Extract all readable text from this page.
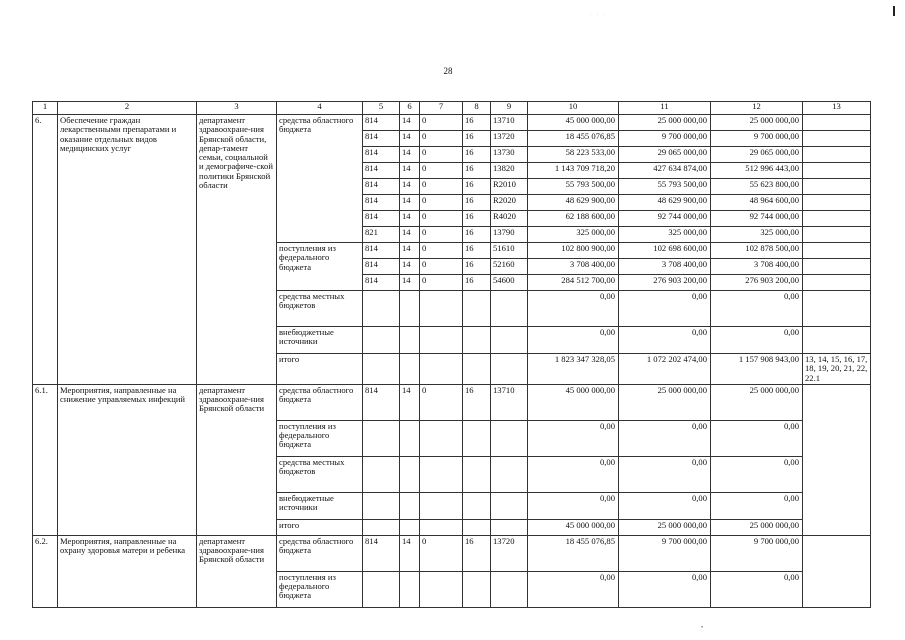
· · ·
28
1	2	3	4	5	6	7	8	9	10	11	12	13
6.	Обеспечение граждан лекарственными препаратами и оказание отдельных видов медицинских услуг	департамент здравоохране-ния Брянской области, депар-тамент семьи, социальной и демографиче-ской политики Брянской области	средства областного бюджета	814	14	0	16	13710	45 000 000,00	25 000 000,00	25 000 000,00	
				814	14	0	16	13720	18 455 076,85	9 700 000,00	9 700 000,00	
				814	14	0	16	13730	58 223 533,00	29 065 000,00	29 065 000,00	
				814	14	0	16	13820	1 143 709 718,20	427 634 874,00	512 996 443,00	
				814	14	0	16	R2010	55 793 500,00	55 793 500,00	55 623 800,00	
				814	14	0	16	R2020	48 629 900,00	48 629 900,00	48 964 600,00	
				814	14	0	16	R4020	62 188 600,00	92 744 000,00	92 744 000,00	
				821	14	0	16	13790	325 000,00	325 000,00	325 000,00	
			поступления из федерального бюджета	814	14	0	16	51610	102 800 900,00	102 698 600,00	102 878 500,00	
				814	14	0	16	52160	3 708 400,00	3 708 400,00	3 708 400,00	
				814	14	0	16	54600	284 512 700,00	276 903 200,00	276 903 200,00	
			средства местных бюджетов						0,00	0,00	0,00	
			внебюджетные источники						0,00	0,00	0,00	
			итого						1 823 347 328,05	1 072 202 474,00	1 157 908 943,00	13, 14, 15, 16, 17, 18, 19, 20, 21, 22, 22.1
6.1.	Мероприятия, направленные на снижение управляемых инфекций	департамент здравоохране-ния Брянской области	средства областного бюджета	814	14	0	16	13710	45 000 000,00	25 000 000,00	25 000 000,00	
			поступления из федерального бюджета						0,00	0,00	0,00	
			средства местных бюджетов						0,00	0,00	0,00	
			внебюджетные источники						0,00	0,00	0,00	
			итого						45 000 000,00	25 000 000,00	25 000 000,00	
6.2.	Мероприятия, направленные на охрану здоровья матери и ребенка	департамент здравоохране-ния Брянской области	средства областного бюджета	814	14	0	16	13720	18 455 076,85	9 700 000,00	9 700 000,00	
			поступления из федерального бюджета						0,00	0,00	0,00	
•
